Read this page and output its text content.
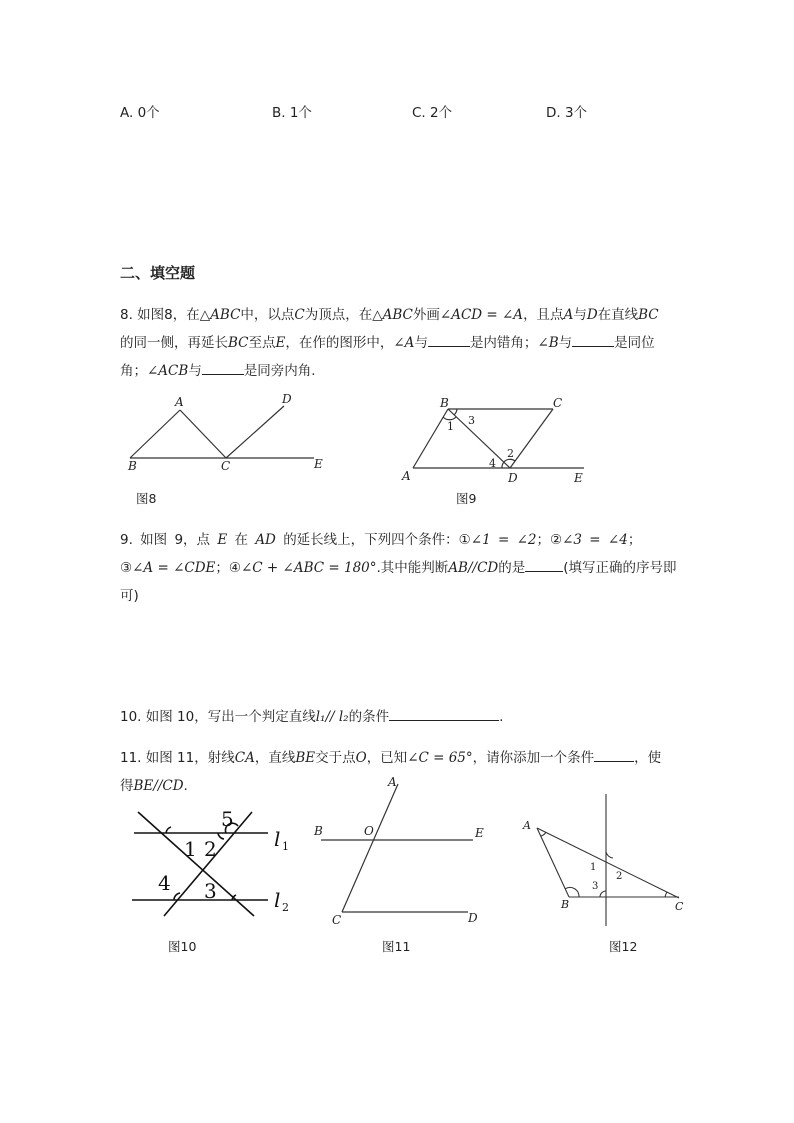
A. 0个	B. 1个	C. 2个	D. 3个
二、填空题
8. 如图8，在△ABC中，以点C为顶点，在△ABC外画∠ACD = ∠A，且点A与D在直线BC
的同一侧，再延长BC至点E，在作的图形中，∠A与	是内错角；∠B与	是同位
角；∠ACB与	是同旁内角.
A
B	C
D
E
图8
1 3
2
4
B	C
A	D	E
图9
9. 如图 9，点 E 在 AD 的延长线上，下列四个条件：①∠1 = ∠2；②∠3 = ∠4；
③∠A = ∠CDE；④∠C + ∠ABC = 180°.其中能判断AB//CD的是	(填写正确的序号即
可)
10. 如图 10，写出一个判定直线l₁// l₂的条件	.
11. 如图 11，射线CA，直线BE交于点O，已知∠C = 65°，请你添加一个条件	，使
得BE//CD.
1 2
5
4 3
l 1
l 2
图10
A
B	O	E
C	D
图11
1
2
3
A
B	C
图12
